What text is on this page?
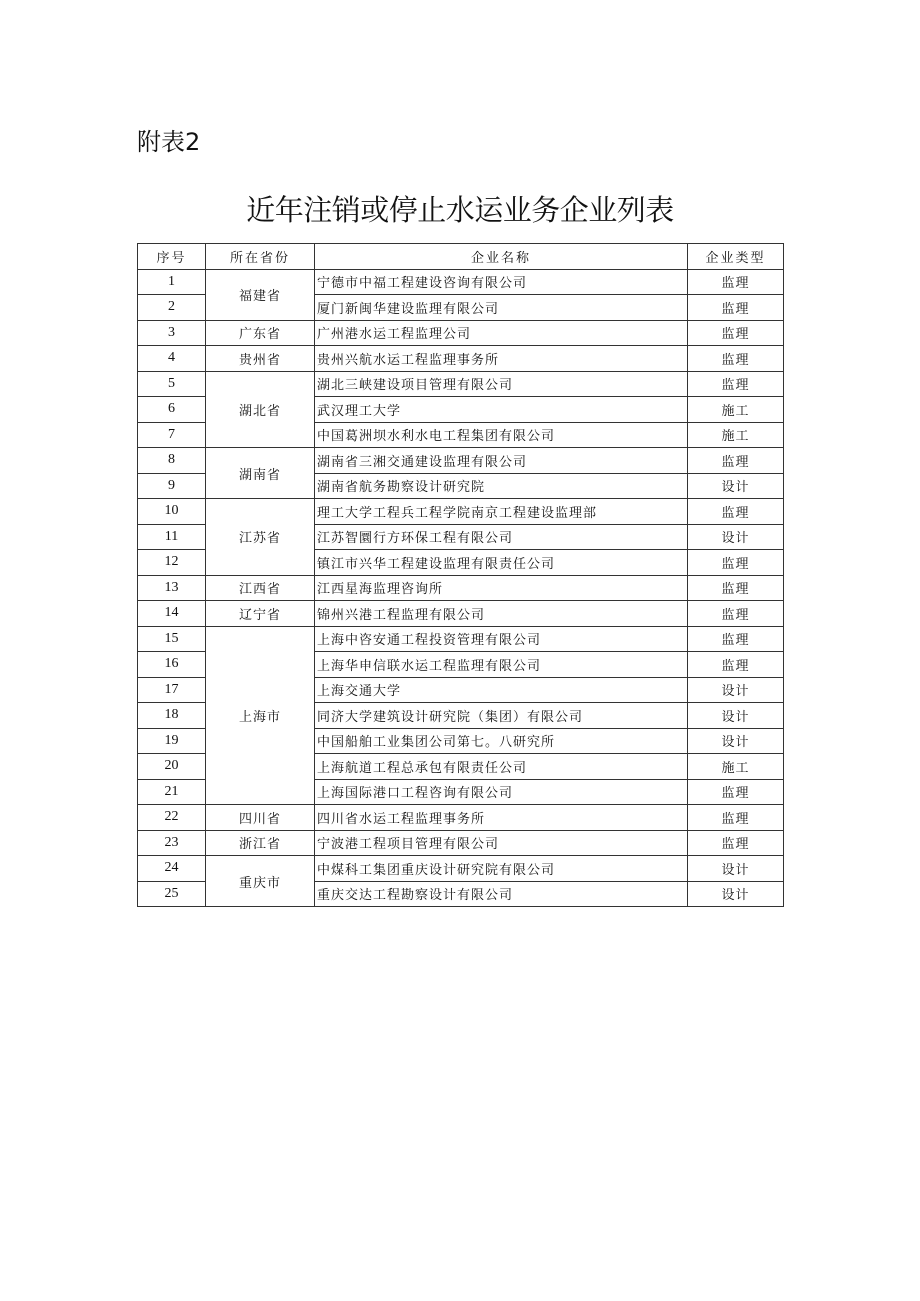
附表2
近年注销或停止水运业务企业列表
序号	所在省份	企业名称	企业类型
1	福建省	宁德市中福工程建设咨询有限公司	监理
2		厦门新闽华建设监理有限公司	监理
3	广东省	广州港水运工程监理公司	监理
4	贵州省	贵州兴航水运工程监理事务所	监理
5	湖北省	湖北三峡建设项目管理有限公司	监理
6		武汉理工大学	施工
7		中国葛洲坝水利水电工程集团有限公司	施工
8	湖南省	湖南省三湘交通建设监理有限公司	监理
9		湖南省航务勘察设计研究院	设计
10	江苏省	理工大学工程兵工程学院南京工程建设监理部	监理
11		江苏智圜行方环保工程有限公司	设计
12		镇江市兴华工程建设监理有限责任公司	监理
13	江西省	江西星海监理咨询所	监理
14	辽宁省	锦州兴港工程监理有限公司	监理
15	上海市	上海中咨安通工程投资管理有限公司	监理
16		上海华申信联水运工程监理有限公司	监理
17		上海交通大学	设计
18		同济大学建筑设计研究院（集团）有限公司	设计
19		中国船舶工业集团公司第七。八研究所	设计
20		上海航道工程总承包有限责任公司	施工
21		上海国际港口工程咨询有限公司	监理
22	四川省	四川省水运工程监理事务所	监理
23	浙江省	宁波港工程项目管理有限公司	监理
24	重庆市	中煤科工集团重庆设计研究院有限公司	设计
25		重庆交达工程勘察设计有限公司	设计
